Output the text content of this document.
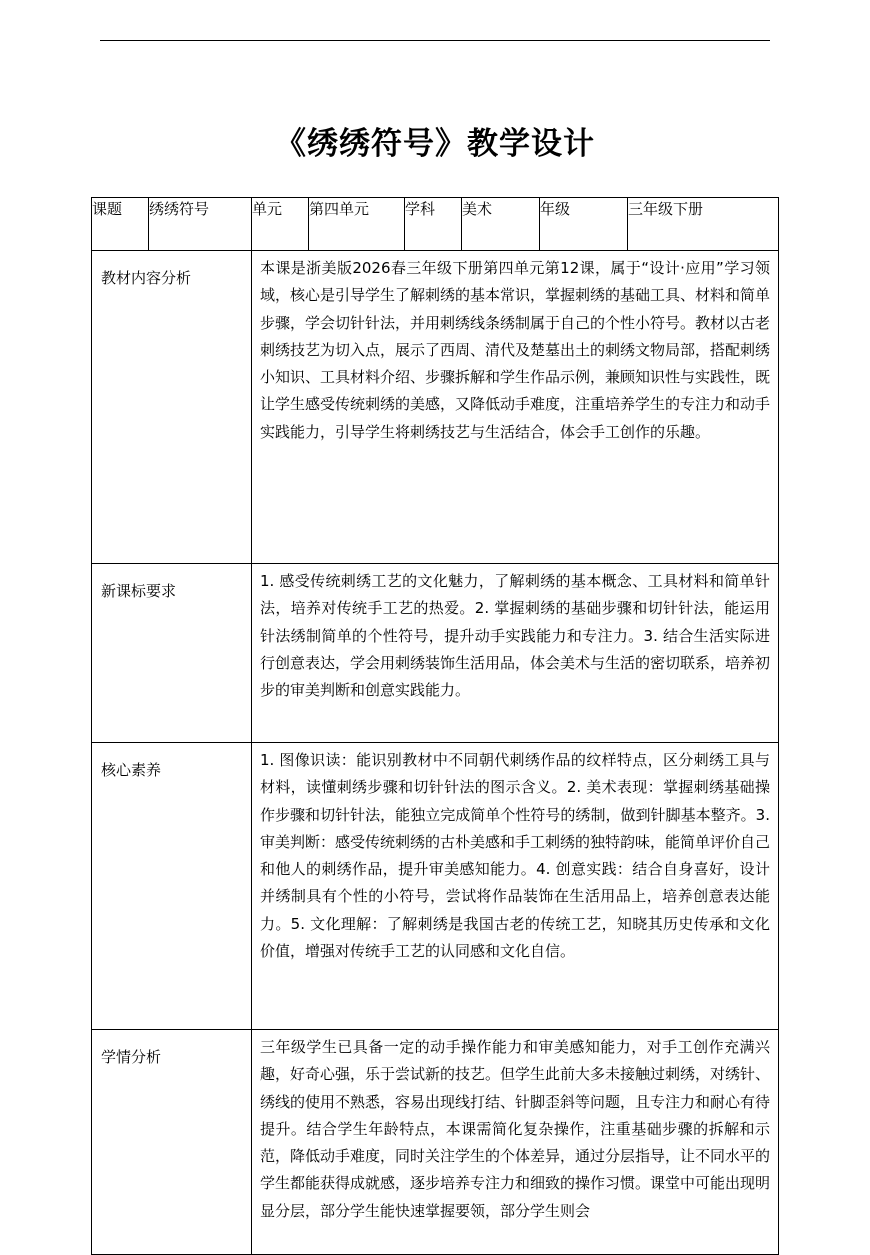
《绣绣符号》教学设计
课题	绣绣符号	单元	第四单元	学科	美术	年级	三年级下册
教材内容分析		本课是浙美版2026春三年级下册第四单元第12课，属于“设计·应用”学习领域，核心是引导学生了解刺绣的基本常识，掌握刺绣的基础工具、材料和简单步骤，学会切针针法，并用刺绣线条绣制属于自己的个性小符号。教材以古老刺绣技艺为切入点，展示了西周、清代及楚墓出土的刺绣文物局部，搭配刺绣小知识、工具材料介绍、步骤拆解和学生作品示例，兼顾知识性与实践性，既让学生感受传统刺绣的美感，又降低动手难度，注重培养学生的专注力和动手实践能力，引导学生将刺绣技艺与生活结合，体会手工创作的乐趣。					

新课标要求		1. 感受传统刺绣工艺的文化魅力，了解刺绣的基本概念、工具材料和简单针法，培养对传统手工艺的热爱。2. 掌握刺绣的基础步骤和切针针法，能运用针法绣制简单的个性符号，提升动手实践能力和专注力。3. 结合生活实际进行创意表达，学会用刺绣装饰生活用品，体会美术与生活的密切联系，培养初步的审美判断和创意实践能力。					

核心素养		1. 图像识读：能识别教材中不同朝代刺绣作品的纹样特点，区分刺绣工具与材料，读懂刺绣步骤和切针针法的图示含义。2. 美术表现：掌握刺绣基础操作步骤和切针针法，能独立完成简单个性符号的绣制，做到针脚基本整齐。3. 审美判断：感受传统刺绣的古朴美感和手工刺绣的独特韵味，能简单评价自己和他人的刺绣作品，提升审美感知能力。4. 创意实践：结合自身喜好，设计并绣制具有个性的小符号，尝试将作品装饰在生活用品上，培养创意表达能力。5. 文化理解：了解刺绣是我国古老的传统工艺，知晓其历史传承和文化价值，增强对传统手工艺的认同感和文化自信。					

学情分析		三年级学生已具备一定的动手操作能力和审美感知能力，对手工创作充满兴趣，好奇心强，乐于尝试新的技艺。但学生此前大多未接触过刺绣，对绣针、绣线的使用不熟悉，容易出现线打结、针脚歪斜等问题，且专注力和耐心有待提升。结合学生年龄特点，本课需简化复杂操作，注重基础步骤的拆解和示范，降低动手难度，同时关注学生的个体差异，通过分层指导，让不同水平的学生都能获得成就感，逐步培养专注力和细致的操作习惯。课堂中可能出现明显分层，部分学生能快速掌握要领，部分学生则会					
